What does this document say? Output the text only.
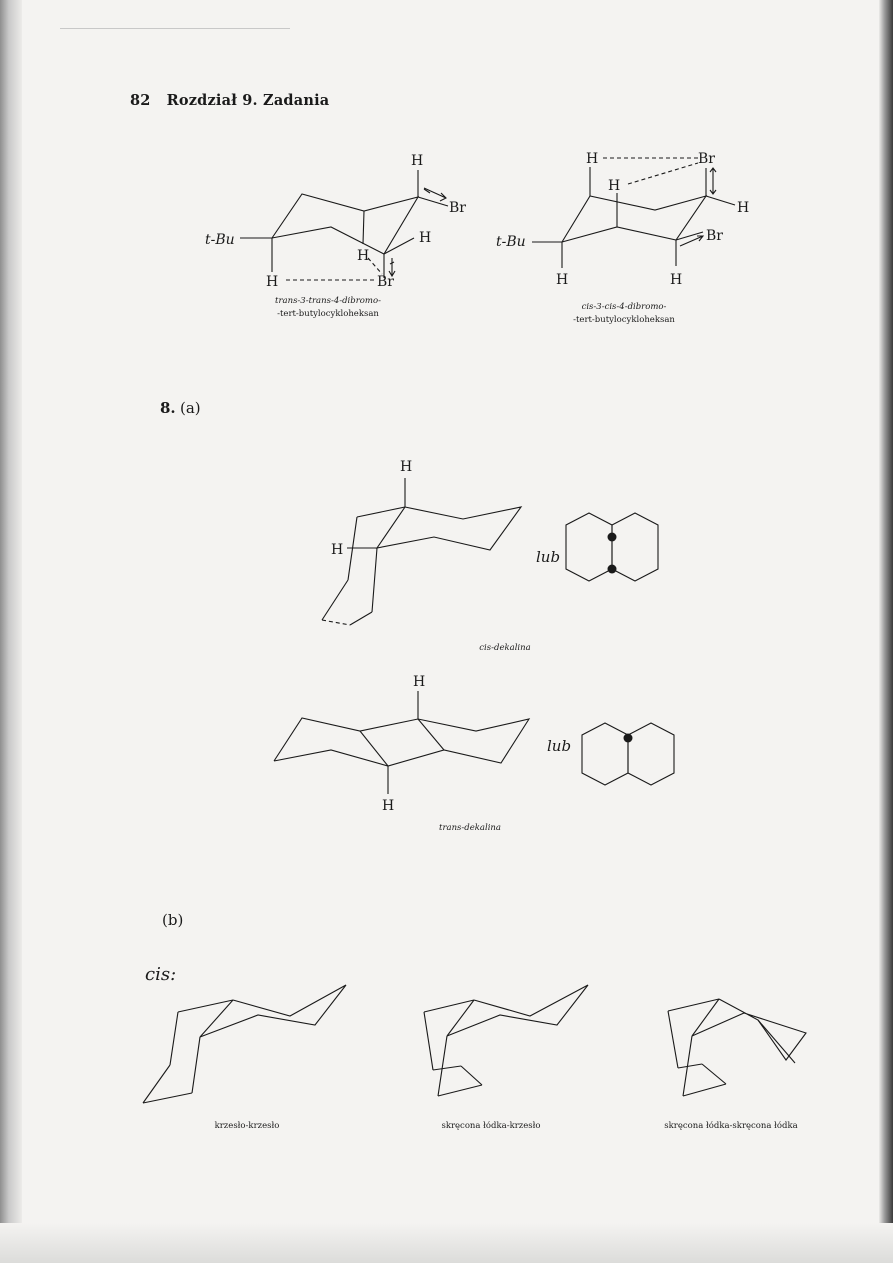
82 Rozdział 9. Zadania
H
Br
H
H
t-Bu
H	Br
trans-3-trans-4-dibromo-
-tert-butylocykloheksan
H	Br
H
H
Br
t-Bu
H	H
cis-3-cis-4-dibromo-
-tert-butylocykloheksan
8. (a)
H
H	lub
cis-dekalina
H
H
lub
trans-dekalina
(b)
cis:
krzesło-krzesło	skręcona łódka-krzesło	skręcona łódka-skręcona łódka
